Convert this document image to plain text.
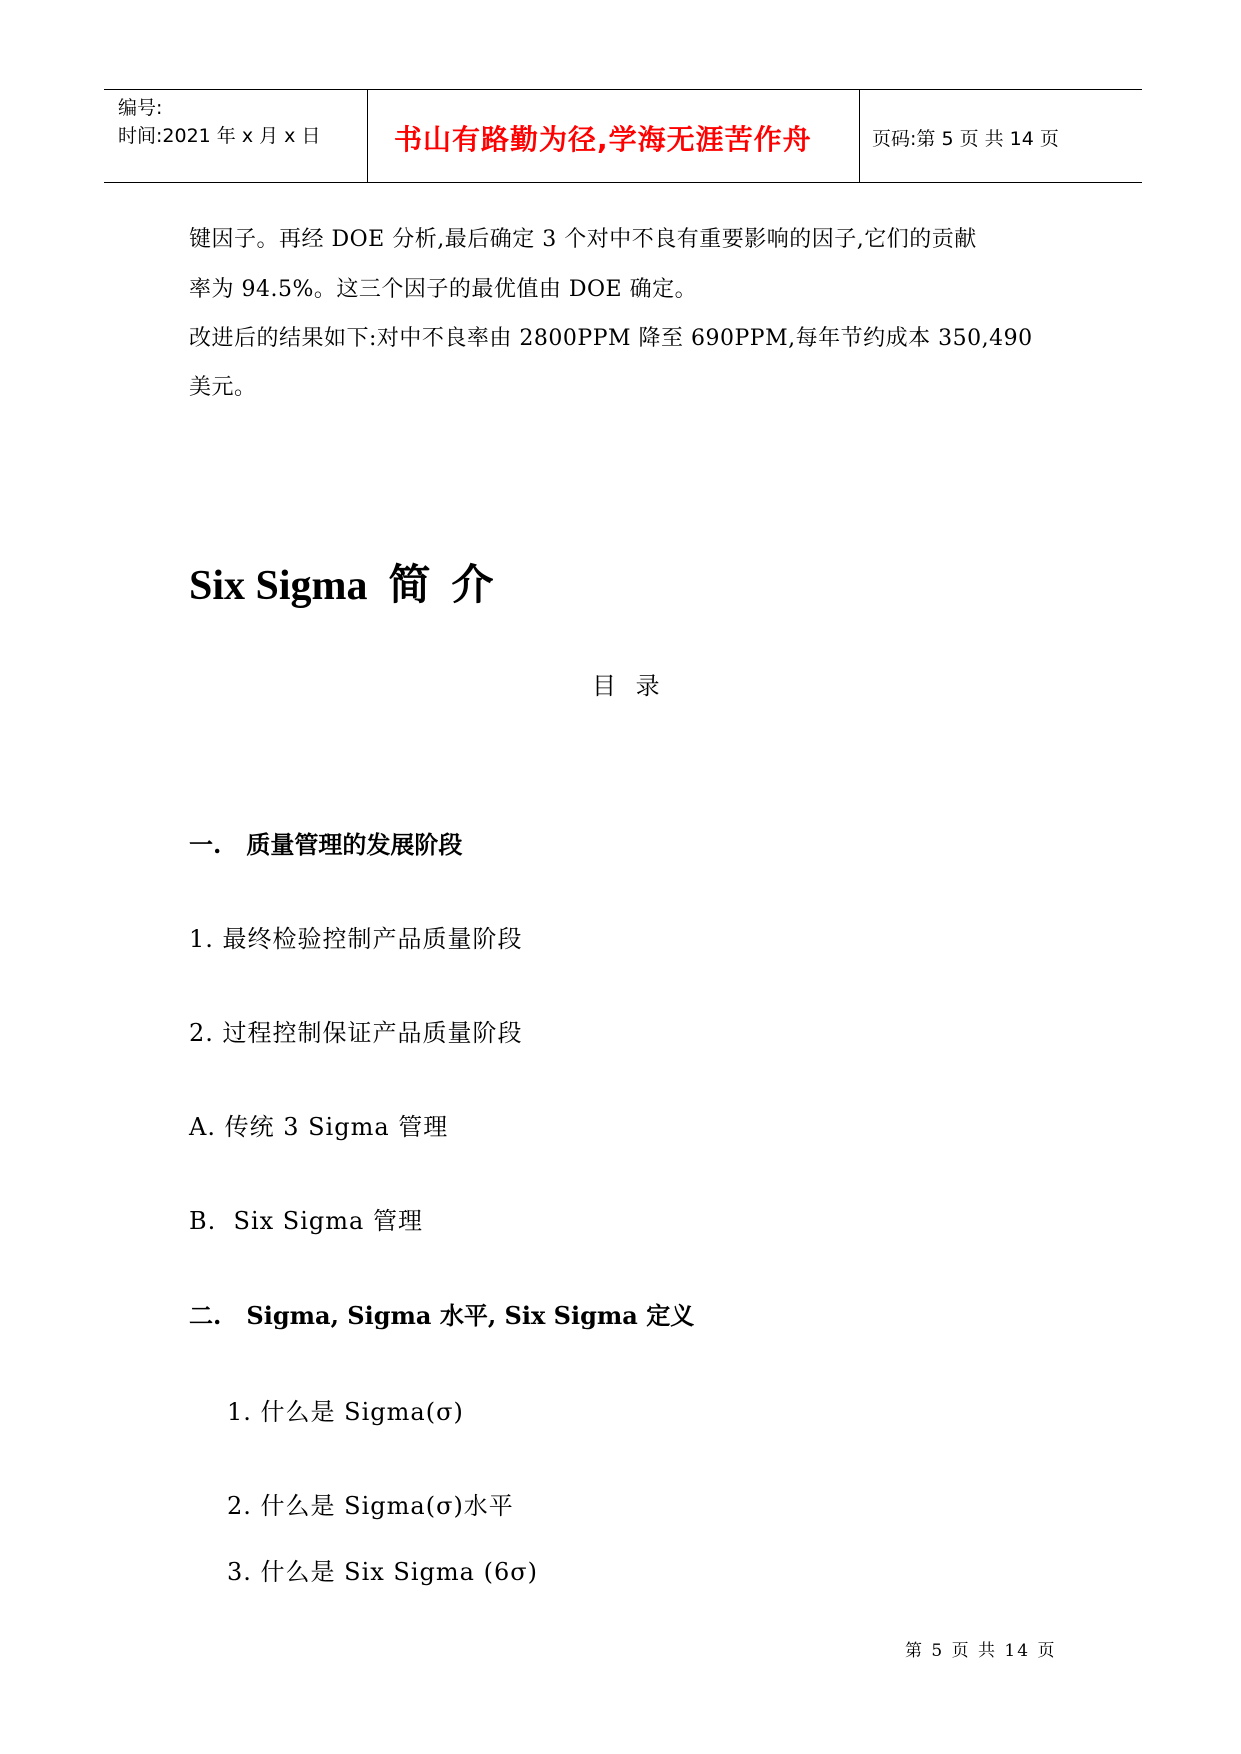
编号:
时间:2021 年 x 月 x 日	书山有路勤为径,学海无涯苦作舟	页码:第 5 页 共 14 页
键因子。再经 DOE 分析,最后确定 3 个对中不良有重要影响的因子,它们的贡献
率为 94.5%。这三个因子的最优值由 DOE 确定。
改进后的结果如下:对中不良率由 2800PPM 降至 690PPM,每年节约成本 350,490
美元。
Six Sigma  简  介
目 录
一.   质量管理的发展阶段
1. 最终检验控制产品质量阶段
2. 过程控制保证产品质量阶段
A. 传统 3 Sigma 管理
B.  Six Sigma 管理
二.   Sigma, Sigma 水平, Six Sigma 定义
1. 什么是 Sigma(σ)
2. 什么是 Sigma(σ)水平
3. 什么是 Six Sigma (6σ)
第 5 页 共 14 页
